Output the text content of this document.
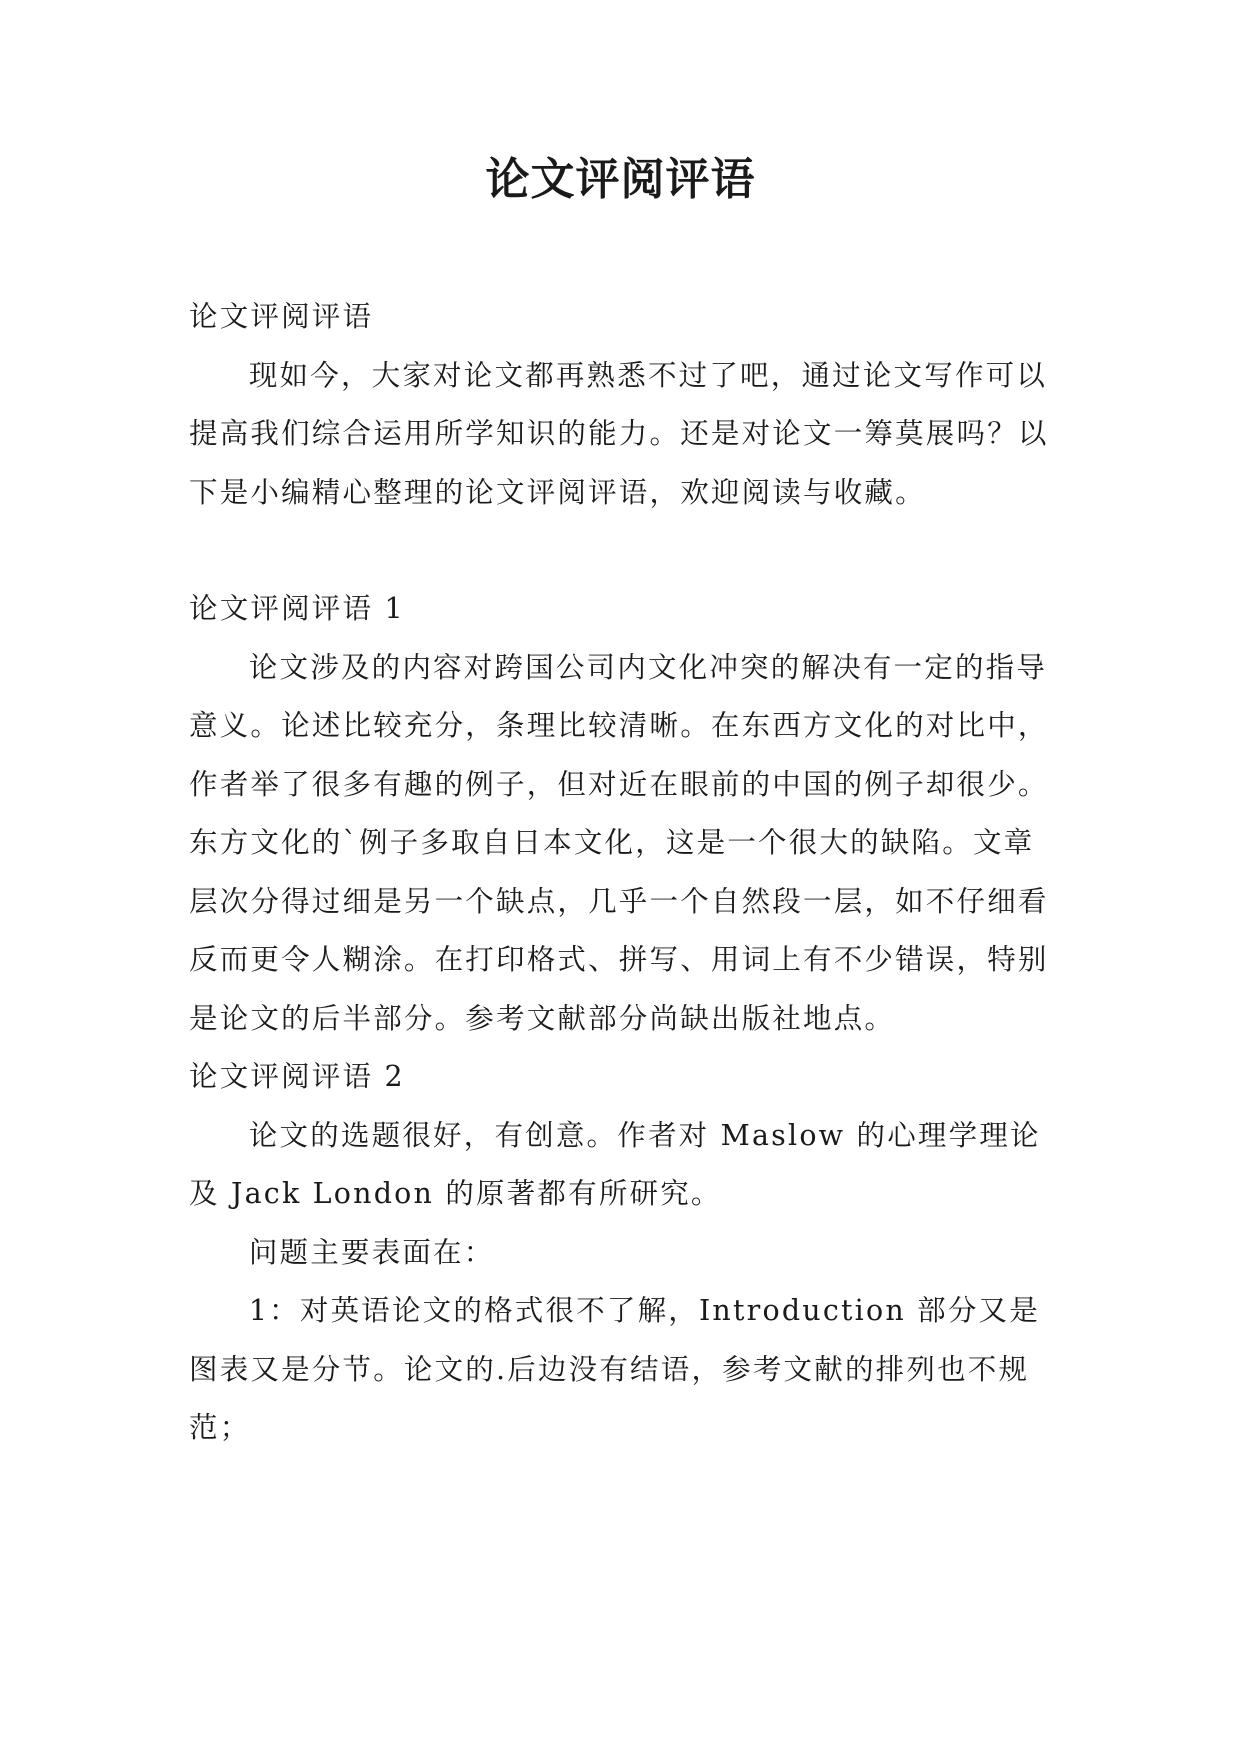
论文评阅评语

论文评阅评语

现如今，大家对论文都再熟悉不过了吧，通过论文写作可以提高我们综合运用所学知识的能力。还是对论文一筹莫展吗？以下是小编精心整理的论文评阅评语，欢迎阅读与收藏。

论文评阅评语 1

论文涉及的内容对跨国公司内文化冲突的解决有一定的指导意义。论述比较充分，条理比较清晰。在东西方文化的对比中，作者举了很多有趣的例子，但对近在眼前的中国的例子却很少。东方文化的`例子多取自日本文化，这是一个很大的缺陷。文章层次分得过细是另一个缺点，几乎一个自然段一层，如不仔细看反而更令人糊涂。在打印格式、拼写、用词上有不少错误，特别是论文的后半部分。参考文献部分尚缺出版社地点。

论文评阅评语 2

论文的选题很好，有创意。作者对 Maslow 的心理学理论及 Jack London 的原著都有所研究。

问题主要表面在：

1：对英语论文的格式很不了解，Introduction 部分又是图表又是分节。论文的.后边没有结语，参考文献的排列也不规范；
